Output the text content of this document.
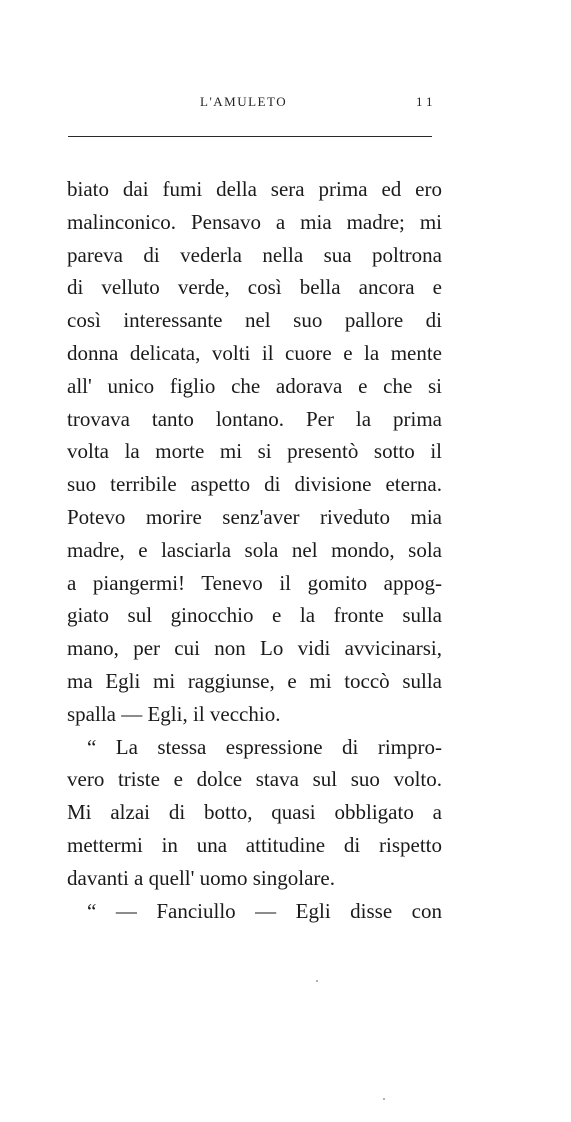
L'AMULETO	11
biato dai fumi della sera prima ed ero
malinconico. Pensavo a mia madre; mi
pareva di vederla nella sua poltrona
di velluto verde, così bella ancora e
così interessante nel suo pallore di
donna delicata, volti il cuore e la mente
all' unico figlio che adorava e che si
trovava tanto lontano. Per la prima
volta la morte mi si presentò sotto il
suo terribile aspetto di divisione eterna.
Potevo morire senz'aver riveduto mia
madre, e lasciarla sola nel mondo, sola
a piangermi! Tenevo il gomito appog-
giato sul ginocchio e la fronte sulla
mano, per cui non Lo vidi avvicinarsi,
ma Egli mi raggiunse, e mi toccò sulla
spalla — Egli, il vecchio.
“ La stessa espressione di rimpro-
vero triste e dolce stava sul suo volto.
Mi alzai di botto, quasi obbligato a
mettermi in una attitudine di rispetto
davanti a quell' uomo singolare.
“ — Fanciullo — Egli disse con
